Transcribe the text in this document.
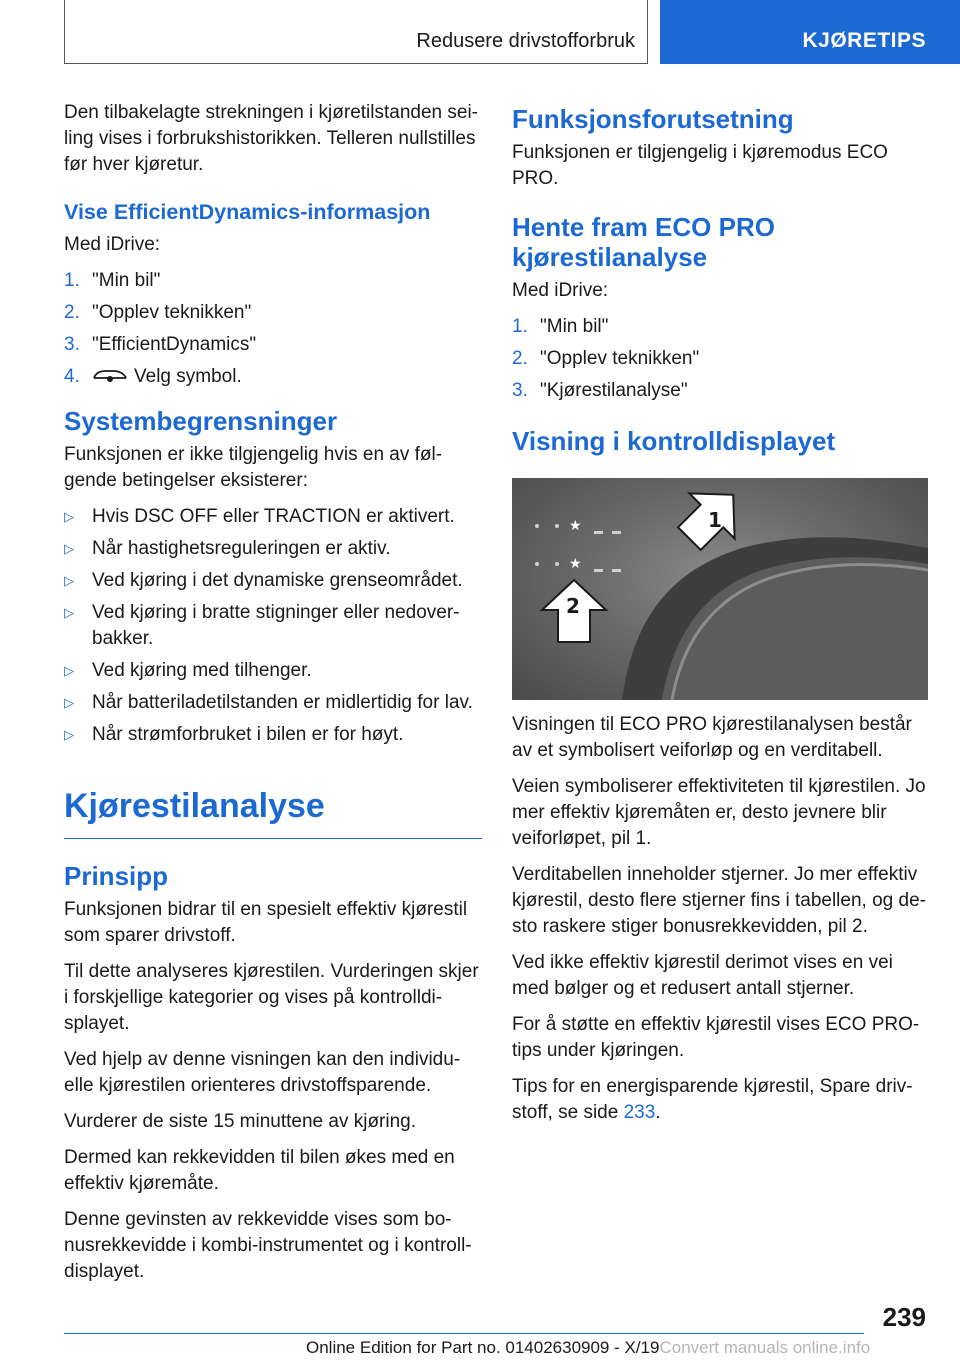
Redusere drivstofforbruk	KJØRETIPS

Den tilbakelagte strekningen i kjøretilstanden sei-ling vises i forbrukshistorikken. Telleren nullstilles før hver kjøretur.

Vise EfficientDynamics-informasjon

Med iDrive:

1. "Min bil"
2. "Opplev teknikken"
3. "EfficientDynamics"
4.	Velg symbol.
Systembegrensninger

Funksjonen er ikke tilgjengelig hvis en av føl-gende betingelser eksisterer:

▷ Hvis DSC OFF eller TRACTION er aktivert.
▷ Når hastighetsreguleringen er aktiv.
▷ Ved kjøring i det dynamiske grenseområdet.
▷ Ved kjøring i bratte stigninger eller nedover-bakker.
▷ Ved kjøring med tilhenger.
▷ Når batteriladetilstanden er midlertidig for lav.
▷ Når strømforbruket i bilen er for høyt.
Kjørestilanalyse
Prinsipp

Funksjonen bidrar til en spesielt effektiv kjørestil som sparer drivstoff.

Til dette analyseres kjørestilen. Vurderingen skjer i forskjellige kategorier og vises på kontrolldi-splayet.

Ved hjelp av denne visningen kan den individu-elle kjørestilen orienteres drivstoffsparende.

Vurderer de siste 15 minuttene av kjøring.

Dermed kan rekkevidden til bilen økes med en effektiv kjøremåte.

Denne gevinsten av rekkevidde vises som bo-nusrekkevidde i kombi-instrumentet og i kontroll-displayet.

Funksjonsforutsetning

Funksjonen er tilgjengelig i kjøremodus ECO PRO.

Hente fram ECO PRO kjørestilanalyse

Med iDrive:

1. "Min bil"
2. "Opplev teknikken"
3. "Kjørestilanalyse"
Visning i kontrolldisplayet
★
★
2
1

Visningen til ECO PRO kjørestilanalysen består av et symbolisert veiforløp og en verditabell.

Veien symboliserer effektiviteten til kjørestilen. Jo mer effektiv kjøremåten er, desto jevnere blir veiforløpet, pil 1.

Verditabellen inneholder stjerner. Jo mer effektiv kjørestil, desto flere stjerner fins i tabellen, og de-sto raskere stiger bonusrekkevidden, pil 2.

Ved ikke effektiv kjørestil derimot vises en vei med bølger og et redusert antall stjerner.

For å støtte en effektiv kjørestil vises ECO PRO-tips under kjøringen.

Tips for en energisparende kjørestil, Spare driv-stoff, se side 233.

239
Online Edition for Part no. 01402630909 - X/19Convert manuals online.info
